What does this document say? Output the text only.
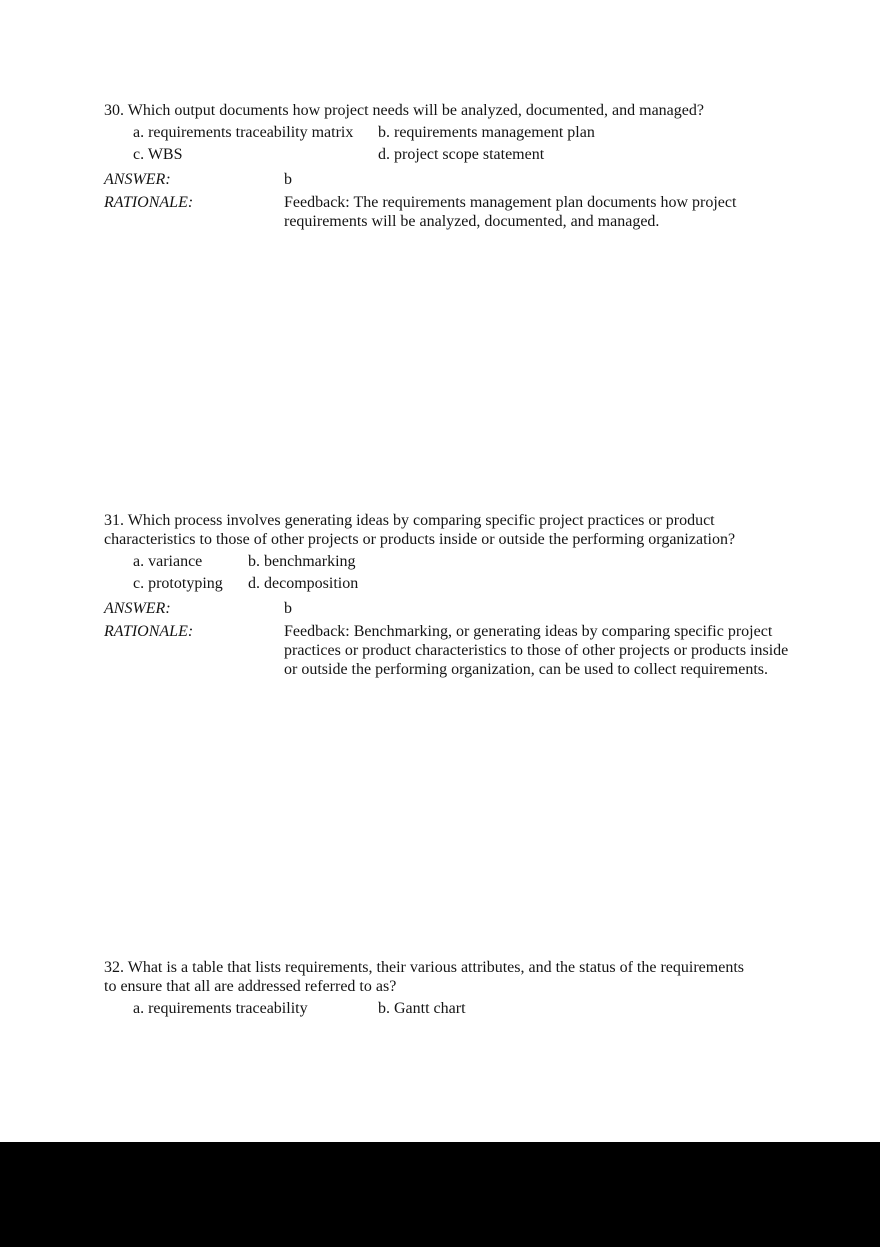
30. Which output documents how project needs will be analyzed, documented, and managed?

a. requirements traceability matrix b. requirements management plan
c. WBS	d. project scope statement
ANSWER:	b
RATIONALE:	Feedback: The requirements management plan documents how project requirements will be analyzed, documented, and managed.

31. Which process involves generating ideas by comparing specific project practices or product characteristics to those of other projects or products inside or outside the performing organization?

a. variance	b. benchmarking
c. prototyping	d. decomposition
ANSWER:	b
RATIONALE:	Feedback: Benchmarking, or generating ideas by comparing specific project practices or product characteristics to those of other projects or products inside or outside the performing organization, can be used to collect requirements.

32. What is a table that lists requirements, their various attributes, and the status of the requirements to ensure that all are addressed referred to as?

a. requirements traceability	b. Gantt chart
